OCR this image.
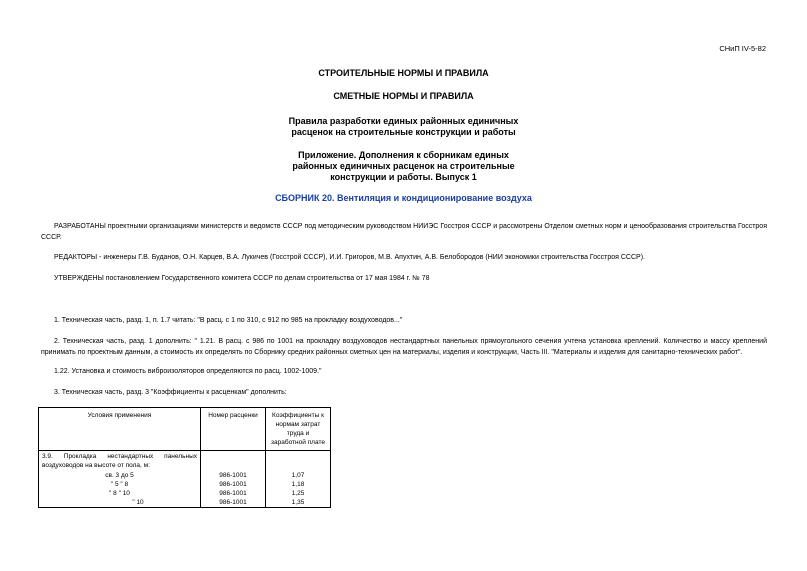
СНиП IV-5-82
СТРОИТЕЛЬНЫЕ НОРМЫ И ПРАВИЛА
СМЕТНЫЕ НОРМЫ И ПРАВИЛА
Правила разработки единых районных единичных
расценок на строительные конструкции и работы
Приложение. Дополнения к сборникам единых
районных единичных расценок на строительные
конструкции и работы. Выпуск 1
СБОРНИК 20. Вентиляция и кондиционирование воздуха
РАЗРАБОТАНЫ проектными организациями министерств и ведомств СССР под методическим руководством НИИЭС Госстроя СССР и рассмотрены Отделом сметных норм и ценообразования строительства Госстроя СССР.
РЕДАКТОРЫ - инженеры Г.В. Буданов, О.Н. Карцев, В.А. Лукичев (Госстрой СССР), И.И. Григоров, М.В. Апухтин, А.В. Белобородов (НИИ экономики строительства Госстроя СССР).
УТВЕРЖДЕНЫ постановлением Государственного комитета СССР по делам строительства от 17 мая 1984 г. № 78
1. Техническая часть, разд. 1, п. 1.7 читать: "В расц. с 1 по 310, с 912 по 985 на прокладку воздуховодов..."
2. Техническая часть, разд. 1 дополнить: " 1.21. В расц. с 986 по 1001 на прокладку воздуховодов нестандартных панельных прямоугольного сечения учтена установка креплений. Количество и массу креплений принимать по проектным данным, а стоимость их определять по Сборнику средних районных сметных цен на материалы, изделия и конструкции, Часть III. "Материалы и изделия для санитарно-технических работ".
1.22. Установка и стоимость виброизоляторов определяются по расц. 1002-1009."
3. Техническая часть, разд. 3 "Коэффициенты к расценкам" дополнить:
Условия применения	Номер расценки	Коэффициенты к нормам затрат труда и заработной плате
3.9. Прокладка нестандартных панельных воздуховодов на высоте от пола, м:		
св. 3 до 5	986-1001	1,07
" 5 " 8	986-1001	1,18
" 8 " 10	986-1001	1,25
" 10	986-1001	1,35
